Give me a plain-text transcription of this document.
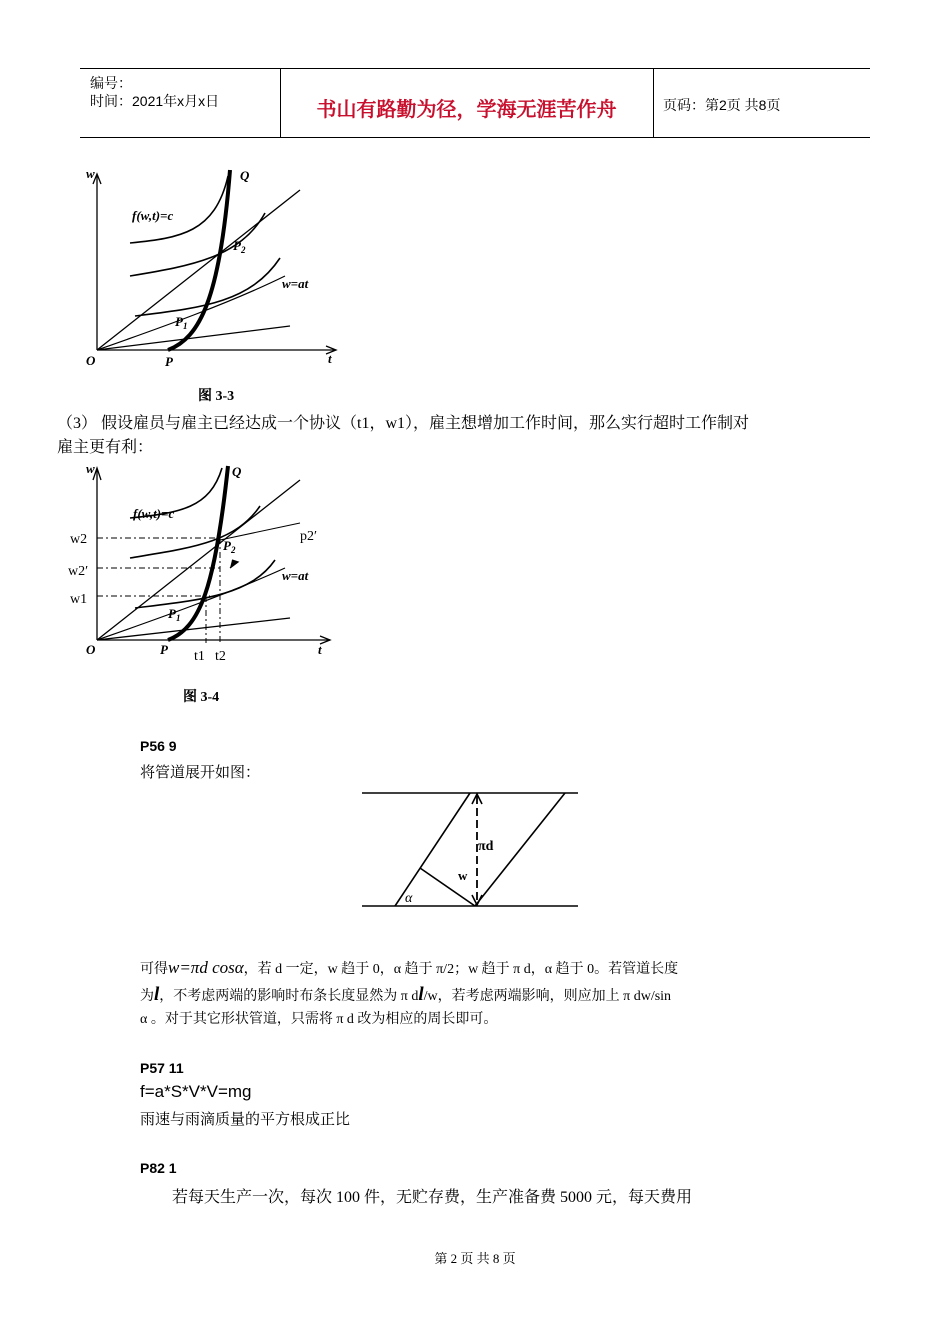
编号：
时间：2021年x月x日	书山有路勤为径，学海无涯苦作舟	页码：第2页 共8页
w	Q
f(w,t)=c
$P_2$
w=at
$P_1$
O	P	t
图 3-3
（3） 假设雇员与雇主已经达成一个协议（t1，w1），雇主想增加工作时间，那么实行超时工作制对
雇主更有利：
w2
w2′
w1
p2′
t1 t2
w	Q
f(w,t)=c
$P_2$
w=at
$P_1$
O	P	t
图 3-4
P56 9
将管道展开如图：
πd
w
α
可得w=πd cosα，若 d 一定，w 趋于 0，α 趋于 π/2；w 趋于 π d，α 趋于 0。若管道长度
为l，不考虑两端的影响时布条长度显然为 π dl/w，若考虑两端影响，则应加上 π dw/sin
α 。对于其它形状管道，只需将 π d 改为相应的周长即可。
P57 11
f=a*S*V*V=mg
雨速与雨滴质量的平方根成正比
P82 1
若每天生产一次，每次 100 件，无贮存费，生产准备费 5000 元，每天费用
第 2 页 共 8 页
